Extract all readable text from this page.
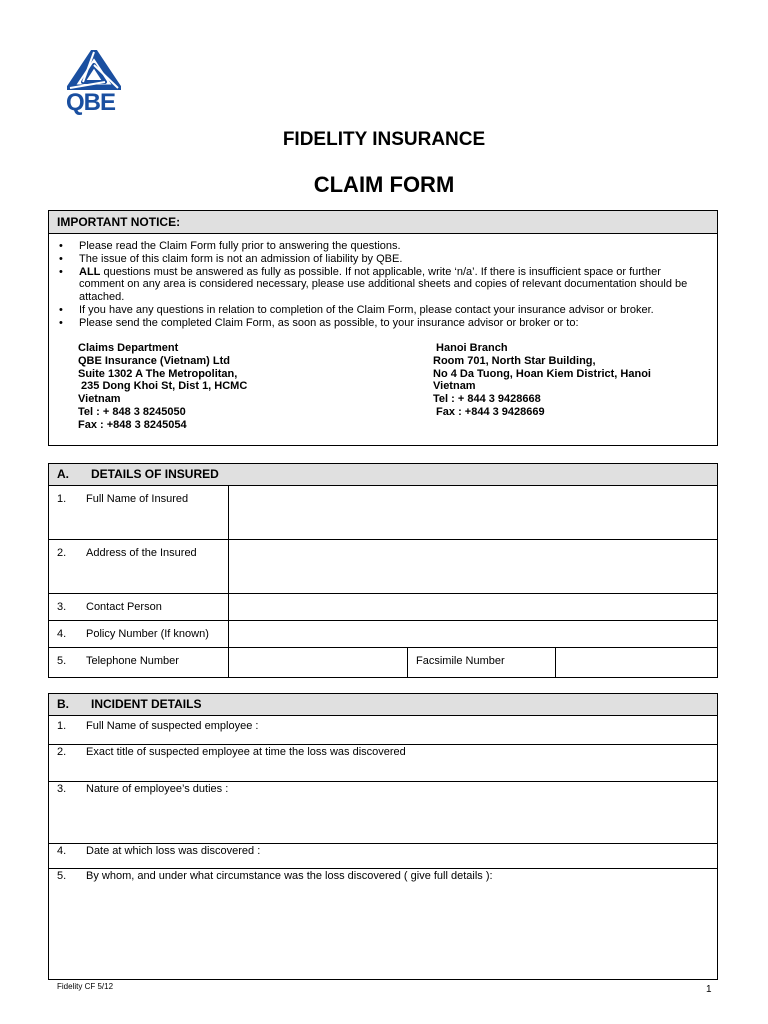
QBE
FIDELITY INSURANCE
CLAIM FORM
IMPORTANT NOTICE:
• Please read the Claim Form fully prior to answering the questions.
• The issue of this claim form is not an admission of liability by QBE.
• ALL questions must be answered as fully as possible. If not applicable, write ‘n/a’. If there is insufficient space or further comment on any area is considered necessary, please use additional sheets and copies of relevant documentation should be attached.
• If you have any questions in relation to completion of the Claim Form, please contact your insurance advisor or broker.
• Please send the completed Claim Form, as soon as possible, to your insurance advisor or broker or to:
Claims Department
QBE Insurance (Vietnam) Ltd
Suite 1302 A The Metropolitan,
235 Dong Khoi St, Dist 1, HCMC
Vietnam
Tel : + 848 3 8245050
Fax : +848 3 8245054
Hanoi Branch
Room 701, North Star Building,
No 4 Da Tuong, Hoan Kiem District, Hanoi
Vietnam
Tel : + 844 3 9428668
Fax : +844 3 9428669
A.	DETAILS OF INSURED
1. Full Name of Insured
2. Address of the Insured
3. Contact Person
4. Policy Number (If known)
5. Telephone Number	Facsimile Number
B.	INCIDENT DETAILS
1. Full Name of suspected employee :
2. Exact title of suspected employee at time the loss was discovered
3. Nature of employee’s duties :
4. Date at which loss was discovered :
5. By whom, and under what circumstance was the loss discovered ( give full details ):
Fidelity CF 5/12	1
